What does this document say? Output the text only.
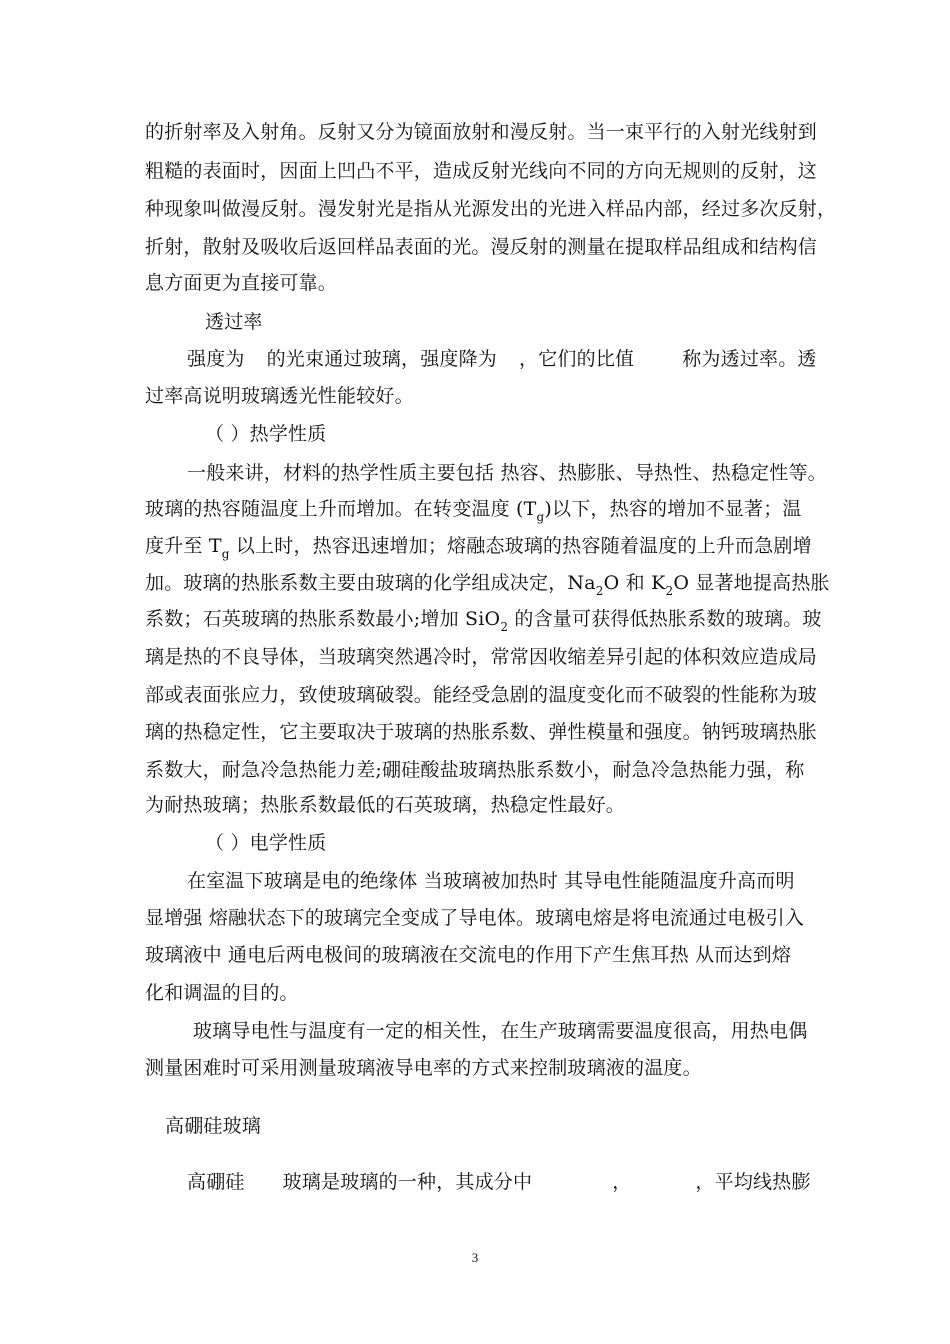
的折射率及入射角。反射又分为镜面放射和漫反射。当一束平行的入射光线射到
粗糙的表面时，因面上凹凸不平，造成反射光线向不同的方向无规则的反射，这
种现象叫做漫反射。漫发射光是指从光源发出的光进入样品内部，经过多次反射，
折射，散射及吸收后返回样品表面的光。漫反射的测量在提取样品组成和结构信
息方面更为直接可靠。
透过率
强度为 的光束通过玻璃，强度降为 ，它们的比值	称为透过率。透
过率高说明玻璃透光性能较好。
（ ）热学性质
一般来讲，材料的热学性质主要包括 热容、热膨胀、导热性、热稳定性等。
玻璃的热容随温度上升而增加。在转变温度 $(T_g)$以下，热容的增加不显著；温
度升至 $T_g$ 以上时，热容迅速增加；熔融态玻璃的热容随着温度的上升而急剧增
加。玻璃的热胀系数主要由玻璃的化学组成决定，$Na_2O$ 和 $K_2O$ 显著地提高热胀
系数；石英玻璃的热胀系数最小;增加 SiO$_2$ 的含量可获得低热胀系数的玻璃。玻
璃是热的不良导体，当玻璃突然遇冷时，常常因收缩差异引起的体积效应造成局
部或表面张应力，致使玻璃破裂。能经受急剧的温度变化而不破裂的性能称为玻
璃的热稳定性，它主要取决于玻璃的热胀系数、弹性模量和强度。钠钙玻璃热胀
系数大，耐急冷急热能力差;硼硅酸盐玻璃热胀系数小，耐急冷急热能力强，称
为耐热玻璃；热胀系数最低的石英玻璃，热稳定性最好。
（ ）电学性质
在室温下玻璃是电的绝缘体 当玻璃被加热时 其导电性能随温度升高而明
显增强 熔融状态下的玻璃完全变成了导电体。玻璃电熔是将电流通过电极引入
玻璃液中 通电后两电极间的玻璃液在交流电的作用下产生焦耳热 从而达到熔
化和调温的目的。
玻璃导电性与温度有一定的相关性，在生产玻璃需要温度很高，用热电偶
测量困难时可采用测量玻璃液导电率的方式来控制玻璃液的温度。
高硼硅玻璃
高硼硅 玻璃是玻璃的一种，其成分中	，	，平均线热膨
3
